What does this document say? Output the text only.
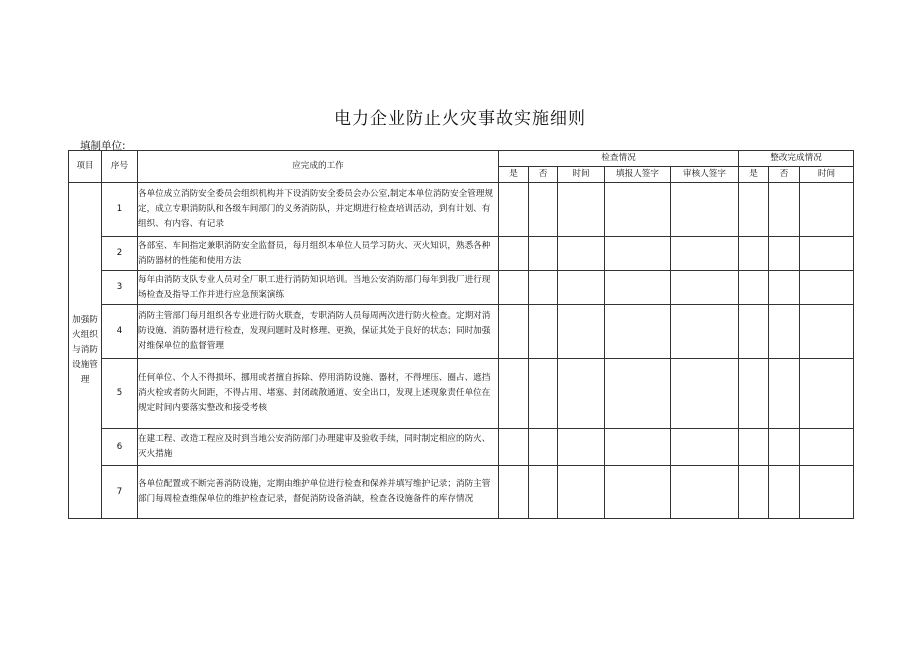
电力企业防止火灾事故实施细则
填制单位:
项目	序号	应完成的工作	检查情况					整改完成情况		
			是	否	时间	填报人签字	审核人签字	是	否	时间
加强防火组织与消防设施管理	1	各单位成立消防安全委员会组织机构并下设消防安全委员会办公室,制定本单位消防安全管理规定，成立专职消防队和各级车间部门的义务消防队，并定期进行检查培训活动，到有计划、有组织、有内容、有记录								
	2	各部室、车间指定兼职消防安全监督员，每月组织本单位人员学习防火、灭火知识，熟悉各种消防器材的性能和使用方法								
	3	每年由消防支队专业人员对全厂职工进行消防知识培训。当地公安消防部门每年到我厂进行现场检查及指导工作并进行应急预案演练								
	4	消防主管部门每月组织各专业进行防火联查，专职消防人员每周两次进行防火检查。定期对消防设施、消防器材进行检查，发现问题时及时修理、更换，保证其处于良好的状态；同时加强对维保单位的监督管理								
	5	任何单位、个人不得损坏、挪用或者擅自拆除、停用消防设施、器材，不得埋压、圈占、遮挡消火栓或者防火间距，不得占用、堵塞、封闭疏散通道、安全出口，发现上述现象责任单位在规定时间内要落实整改和接受考核								
	6	在建工程、改造工程应及时到当地公安消防部门办理建审及验收手续，同时制定相应的防火、灭火措施								
	7	各单位配置或不断完善消防设施，定期由维护单位进行检查和保养并填写维护记录；消防主管部门每周检查维保单位的维护检查记录，督促消防设备消缺，检查各设施备件的库存情况								
